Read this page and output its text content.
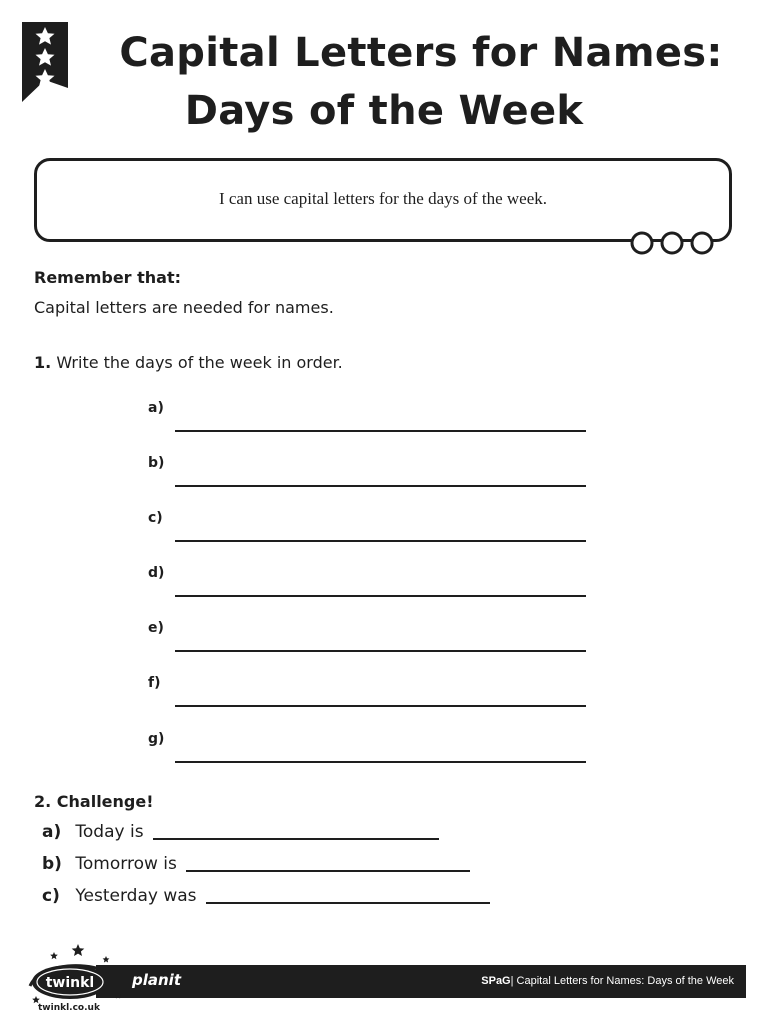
Capital Letters for Names:
Days of the Week
I can use capital letters for the days of the week.

Remember that:

Capital letters are needed for names.

1. Write the days of the week in order.

a)
b)
c)
d)
e)
f)
g)

2. Challenge!

a) Today is
b) Tomorrow is
c) Yesterday was
planit	SPaG| Capital Letters for Names: Days of the Week
twinkl
twinkl.co.uk
